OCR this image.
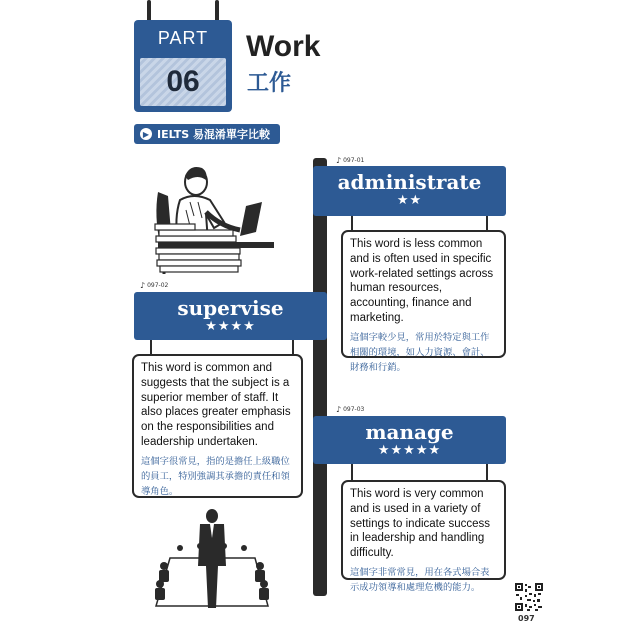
PART
06
Work
工作
▶ IELTS 易混淆單字比較
♪ 097-01
administrate
★★
This word is less common and is often used in specific work-related settings across human resources, accounting, finance and marketing.
這個字較少見，常用於特定與工作相關的環境，如人力資源、會計、財務和行銷。
♪ 097-02
supervise
★★★★
This word is common and suggests that the subject is a superior member of staff. It also places greater emphasis on the responsibilities and leadership undertaken.
這個字很常見，指的是擔任上級職位的員工，特別強調其承擔的責任和領導角色。
♪ 097-03
manage
★★★★★
This word is very common and is used in a variety of settings to indicate success in leadership and handling difficulty.
這個字非常常見，用在各式場合表示成功領導和處理危機的能力。
097
